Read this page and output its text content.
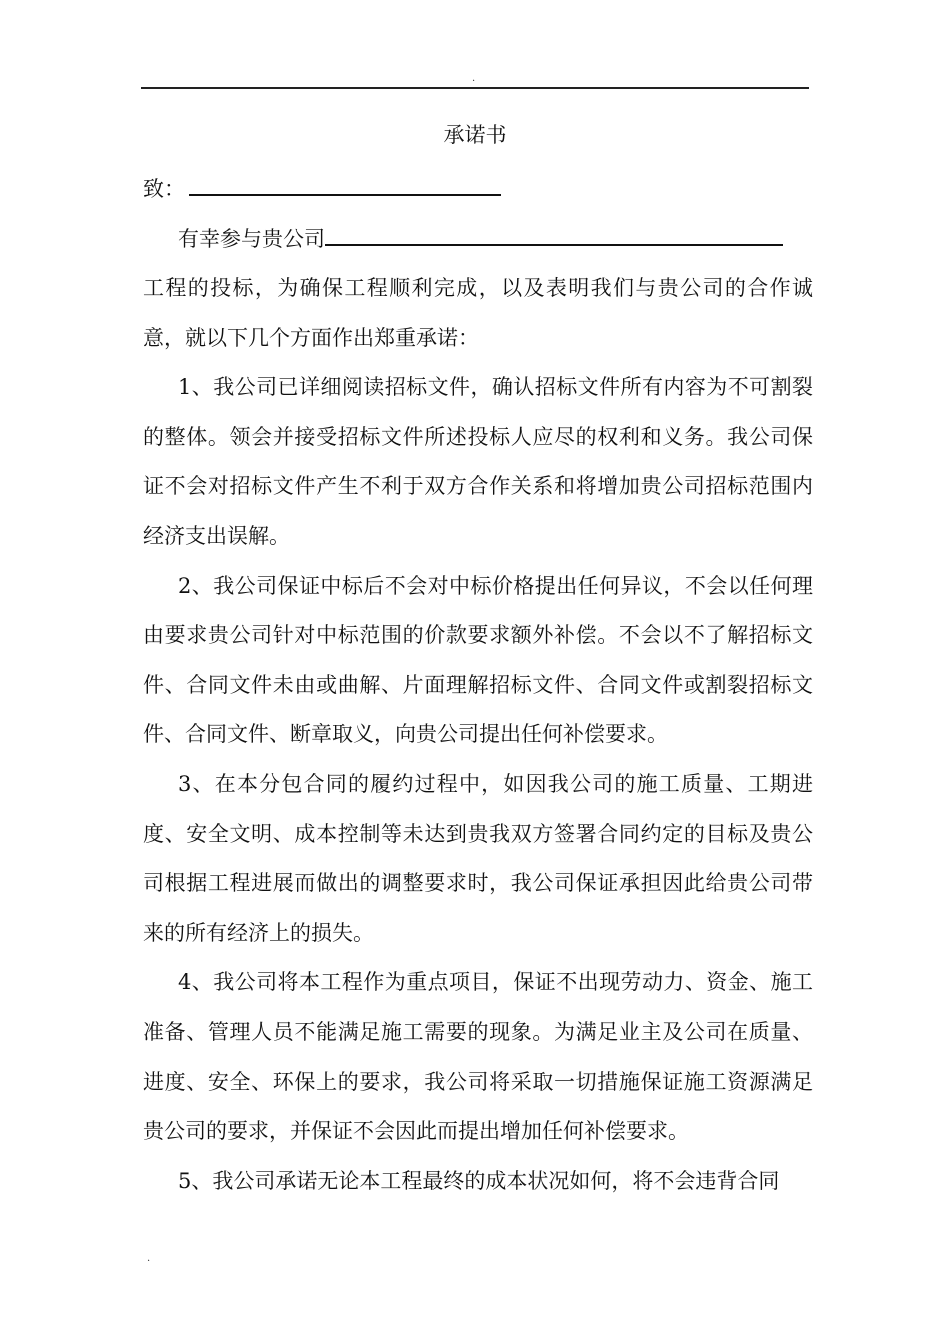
.
承诺书
致：
有幸参与贵公司

工程的投标，为确保工程顺利完成，以及表明我们与贵公司的合作诚意，就以下几个方面作出郑重承诺：

1、我公司已详细阅读招标文件，确认招标文件所有内容为不可割裂的整体。领会并接受招标文件所述投标人应尽的权利和义务。我公司保证不会对招标文件产生不利于双方合作关系和将增加贵公司招标范围内经济支出误解。

2、我公司保证中标后不会对中标价格提出任何异议，不会以任何理由要求贵公司针对中标范围的价款要求额外补偿。不会以不了解招标文件、合同文件未由或曲解、片面理解招标文件、合同文件或割裂招标文件、合同文件、断章取义，向贵公司提出任何补偿要求。

3、在本分包合同的履约过程中，如因我公司的施工质量、工期进度、安全文明、成本控制等未达到贵我双方签署合同约定的目标及贵公司根据工程进展而做出的调整要求时，我公司保证承担因此给贵公司带来的所有经济上的损失。

4、我公司将本工程作为重点项目，保证不出现劳动力、资金、施工准备、管理人员不能满足施工需要的现象。为满足业主及公司在质量、进度、安全、环保上的要求，我公司将采取一切措施保证施工资源满足贵公司的要求，并保证不会因此而提出增加任何补偿要求。

5、我公司承诺无论本工程最终的成本状况如何，将不会违背合同

.
